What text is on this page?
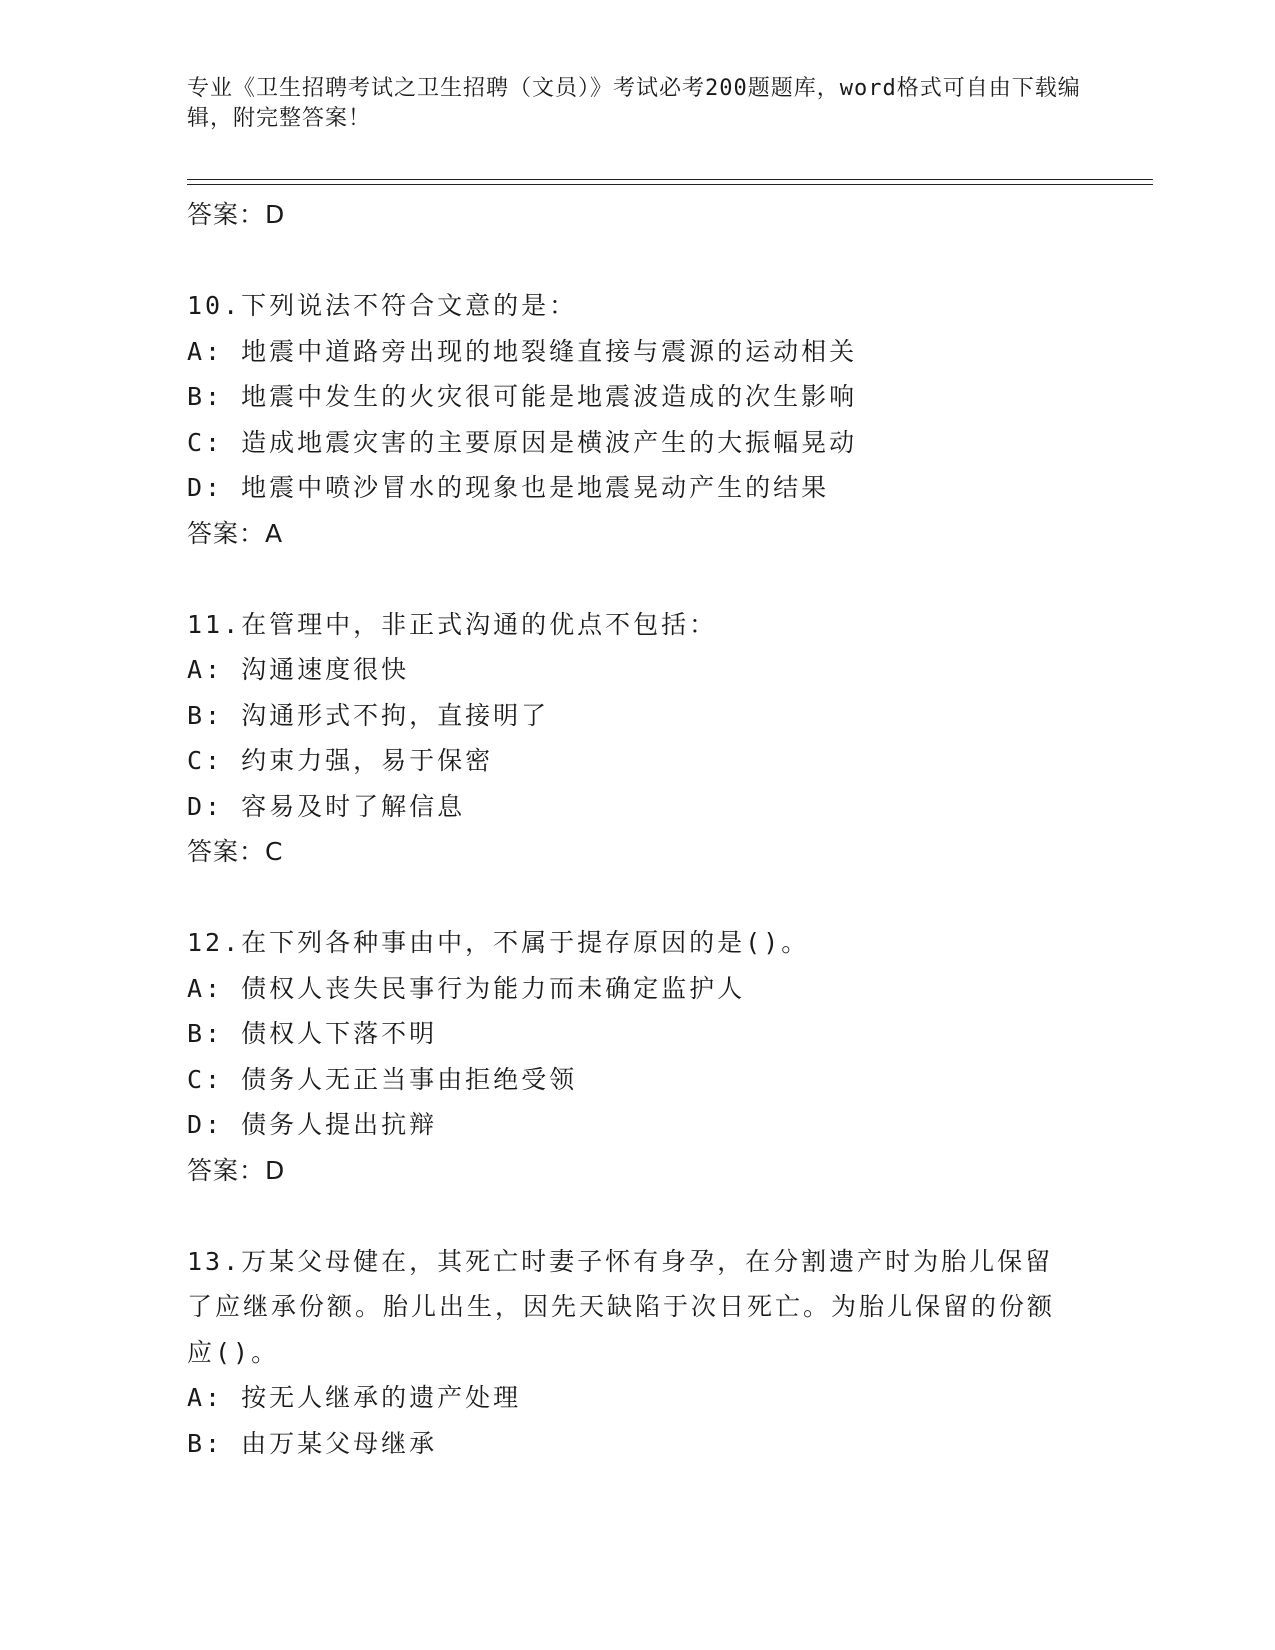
专业《卫生招聘考试之卫生招聘（文员）》考试必考200题题库，word格式可自由下载编辑，附完整答案！
答案：D
10.下列说法不符合文意的是：
A: 地震中道路旁出现的地裂缝直接与震源的运动相关
B: 地震中发生的火灾很可能是地震波造成的次生影响
C: 造成地震灾害的主要原因是横波产生的大振幅晃动
D: 地震中喷沙冒水的现象也是地震晃动产生的结果
答案：A
11.在管理中，非正式沟通的优点不包括：
A: 沟通速度很快
B: 沟通形式不拘，直接明了
C: 约束力强，易于保密
D: 容易及时了解信息
答案：C
12.在下列各种事由中，不属于提存原因的是()。
A: 债权人丧失民事行为能力而未确定监护人
B: 债权人下落不明
C: 债务人无正当事由拒绝受领
D: 债务人提出抗辩
答案：D
13.万某父母健在，其死亡时妻子怀有身孕，在分割遗产时为胎儿保留了应继承份额。胎儿出生，因先天缺陷于次日死亡。为胎儿保留的份额应()。
A: 按无人继承的遗产处理
B: 由万某父母继承
